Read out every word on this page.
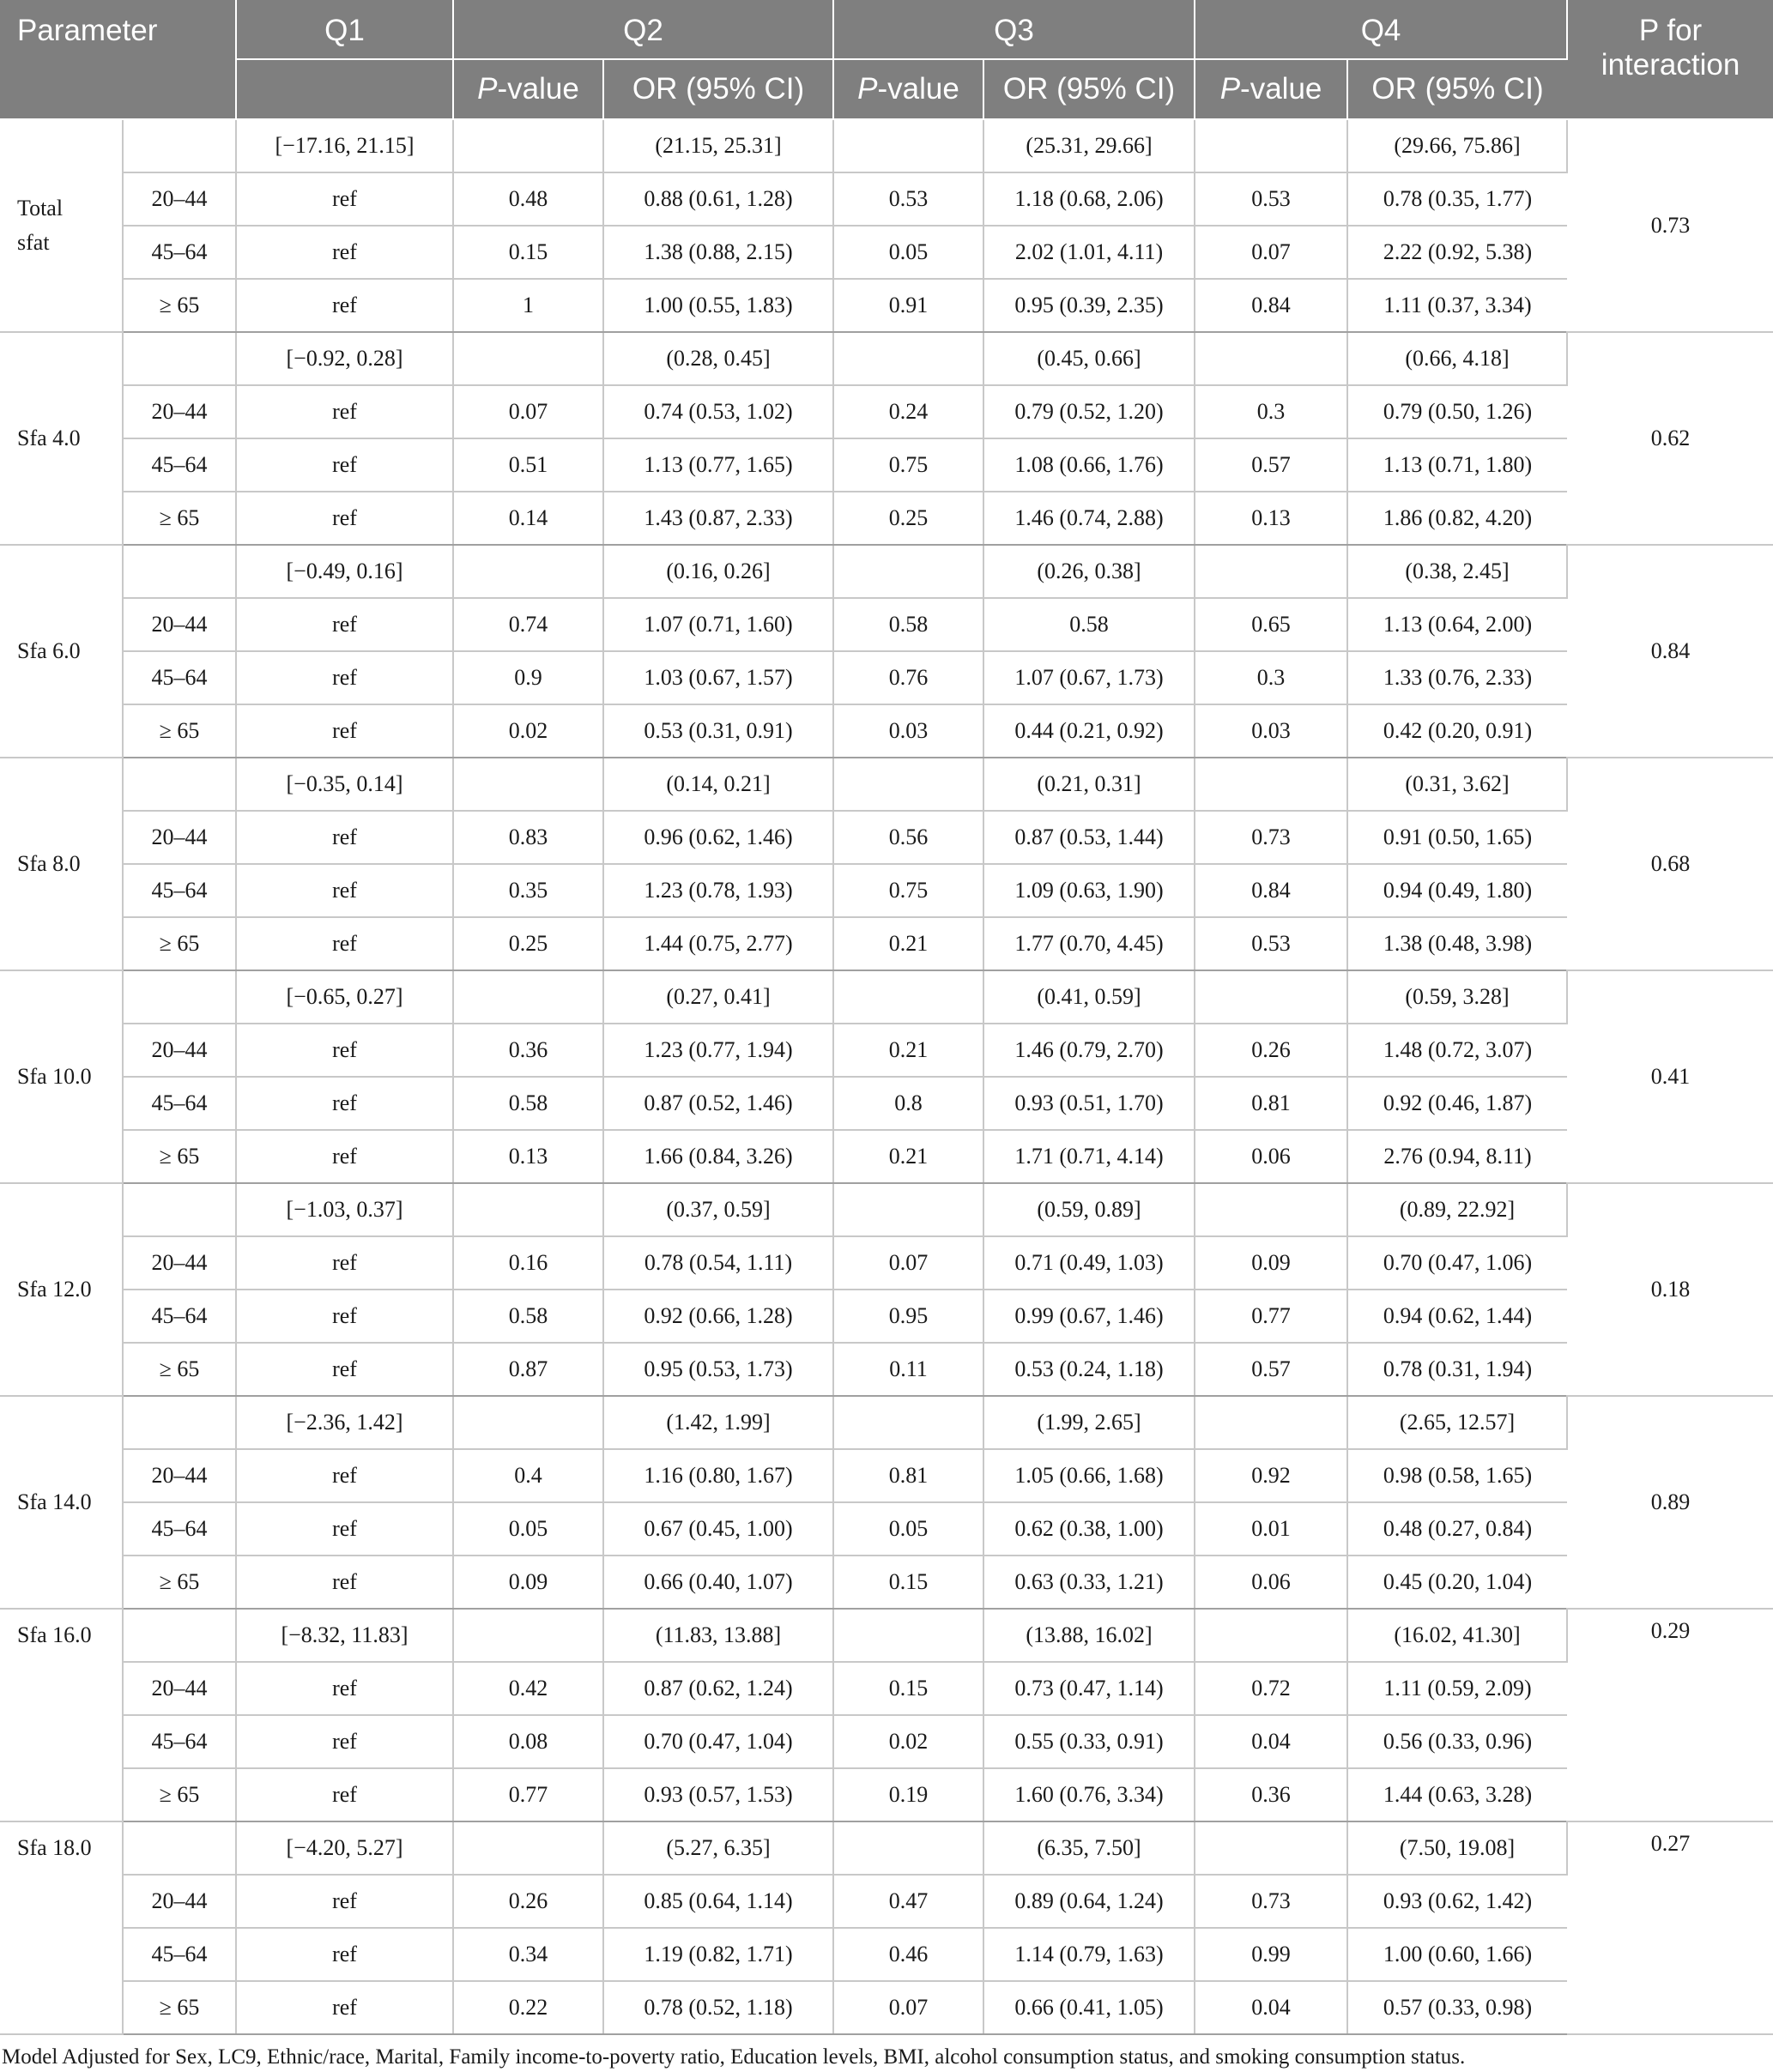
Parameter		Q1	Q2		Q3		Q4		P for
interaction
			P-value	OR (95% CI)	P-value	OR (95% CI)	P-value	OR (95% CI)	
Total
sfat		[−17.16, 21.15]		(21.15, 25.31]		(25.31, 29.66]		(29.66, 75.86]	0.73
	20–44	ref	0.48	0.88 (0.61, 1.28)	0.53	1.18 (0.68, 2.06)	0.53	0.78 (0.35, 1.77)	
	45–64	ref	0.15	1.38 (0.88, 2.15)	0.05	2.02 (1.01, 4.11)	0.07	2.22 (0.92, 5.38)	
	≥ 65	ref	1	1.00 (0.55, 1.83)	0.91	0.95 (0.39, 2.35)	0.84	1.11 (0.37, 3.34)	
Sfa 4.0		[−0.92, 0.28]		(0.28, 0.45]		(0.45, 0.66]		(0.66, 4.18]	0.62
	20–44	ref	0.07	0.74 (0.53, 1.02)	0.24	0.79 (0.52, 1.20)	0.3	0.79 (0.50, 1.26)	
	45–64	ref	0.51	1.13 (0.77, 1.65)	0.75	1.08 (0.66, 1.76)	0.57	1.13 (0.71, 1.80)	
	≥ 65	ref	0.14	1.43 (0.87, 2.33)	0.25	1.46 (0.74, 2.88)	0.13	1.86 (0.82, 4.20)	
Sfa 6.0		[−0.49, 0.16]		(0.16, 0.26]		(0.26, 0.38]		(0.38, 2.45]	0.84
	20–44	ref	0.74	1.07 (0.71, 1.60)	0.58	0.58	0.65	1.13 (0.64, 2.00)	
	45–64	ref	0.9	1.03 (0.67, 1.57)	0.76	1.07 (0.67, 1.73)	0.3	1.33 (0.76, 2.33)	
	≥ 65	ref	0.02	0.53 (0.31, 0.91)	0.03	0.44 (0.21, 0.92)	0.03	0.42 (0.20, 0.91)	
Sfa 8.0		[−0.35, 0.14]		(0.14, 0.21]		(0.21, 0.31]		(0.31, 3.62]	0.68
	20–44	ref	0.83	0.96 (0.62, 1.46)	0.56	0.87 (0.53, 1.44)	0.73	0.91 (0.50, 1.65)	
	45–64	ref	0.35	1.23 (0.78, 1.93)	0.75	1.09 (0.63, 1.90)	0.84	0.94 (0.49, 1.80)	
	≥ 65	ref	0.25	1.44 (0.75, 2.77)	0.21	1.77 (0.70, 4.45)	0.53	1.38 (0.48, 3.98)	
Sfa 10.0		[−0.65, 0.27]		(0.27, 0.41]		(0.41, 0.59]		(0.59, 3.28]	0.41
	20–44	ref	0.36	1.23 (0.77, 1.94)	0.21	1.46 (0.79, 2.70)	0.26	1.48 (0.72, 3.07)	
	45–64	ref	0.58	0.87 (0.52, 1.46)	0.8	0.93 (0.51, 1.70)	0.81	0.92 (0.46, 1.87)	
	≥ 65	ref	0.13	1.66 (0.84, 3.26)	0.21	1.71 (0.71, 4.14)	0.06	2.76 (0.94, 8.11)	
Sfa 12.0		[−1.03, 0.37]		(0.37, 0.59]		(0.59, 0.89]		(0.89, 22.92]	0.18
	20–44	ref	0.16	0.78 (0.54, 1.11)	0.07	0.71 (0.49, 1.03)	0.09	0.70 (0.47, 1.06)	
	45–64	ref	0.58	0.92 (0.66, 1.28)	0.95	0.99 (0.67, 1.46)	0.77	0.94 (0.62, 1.44)	
	≥ 65	ref	0.87	0.95 (0.53, 1.73)	0.11	0.53 (0.24, 1.18)	0.57	0.78 (0.31, 1.94)	
Sfa 14.0		[−2.36, 1.42]		(1.42, 1.99]		(1.99, 2.65]		(2.65, 12.57]	0.89
	20–44	ref	0.4	1.16 (0.80, 1.67)	0.81	1.05 (0.66, 1.68)	0.92	0.98 (0.58, 1.65)	
	45–64	ref	0.05	0.67 (0.45, 1.00)	0.05	0.62 (0.38, 1.00)	0.01	0.48 (0.27, 0.84)	
	≥ 65	ref	0.09	0.66 (0.40, 1.07)	0.15	0.63 (0.33, 1.21)	0.06	0.45 (0.20, 1.04)	
Sfa 16.0		[−8.32, 11.83]		(11.83, 13.88]		(13.88, 16.02]		(16.02, 41.30]	0.29
	20–44	ref	0.42	0.87 (0.62, 1.24)	0.15	0.73 (0.47, 1.14)	0.72	1.11 (0.59, 2.09)	
	45–64	ref	0.08	0.70 (0.47, 1.04)	0.02	0.55 (0.33, 0.91)	0.04	0.56 (0.33, 0.96)	
	≥ 65	ref	0.77	0.93 (0.57, 1.53)	0.19	1.60 (0.76, 3.34)	0.36	1.44 (0.63, 3.28)	
Sfa 18.0		[−4.20, 5.27]		(5.27, 6.35]		(6.35, 7.50]		(7.50, 19.08]	0.27
	20–44	ref	0.26	0.85 (0.64, 1.14)	0.47	0.89 (0.64, 1.24)	0.73	0.93 (0.62, 1.42)	
	45–64	ref	0.34	1.19 (0.82, 1.71)	0.46	1.14 (0.79, 1.63)	0.99	1.00 (0.60, 1.66)	
	≥ 65	ref	0.22	0.78 (0.52, 1.18)	0.07	0.66 (0.41, 1.05)	0.04	0.57 (0.33, 0.98)	
Model Adjusted for Sex, LC9, Ethnic/race, Marital, Family income-to-poverty ratio, Education levels, BMI, alcohol consumption status, and smoking consumption status.
